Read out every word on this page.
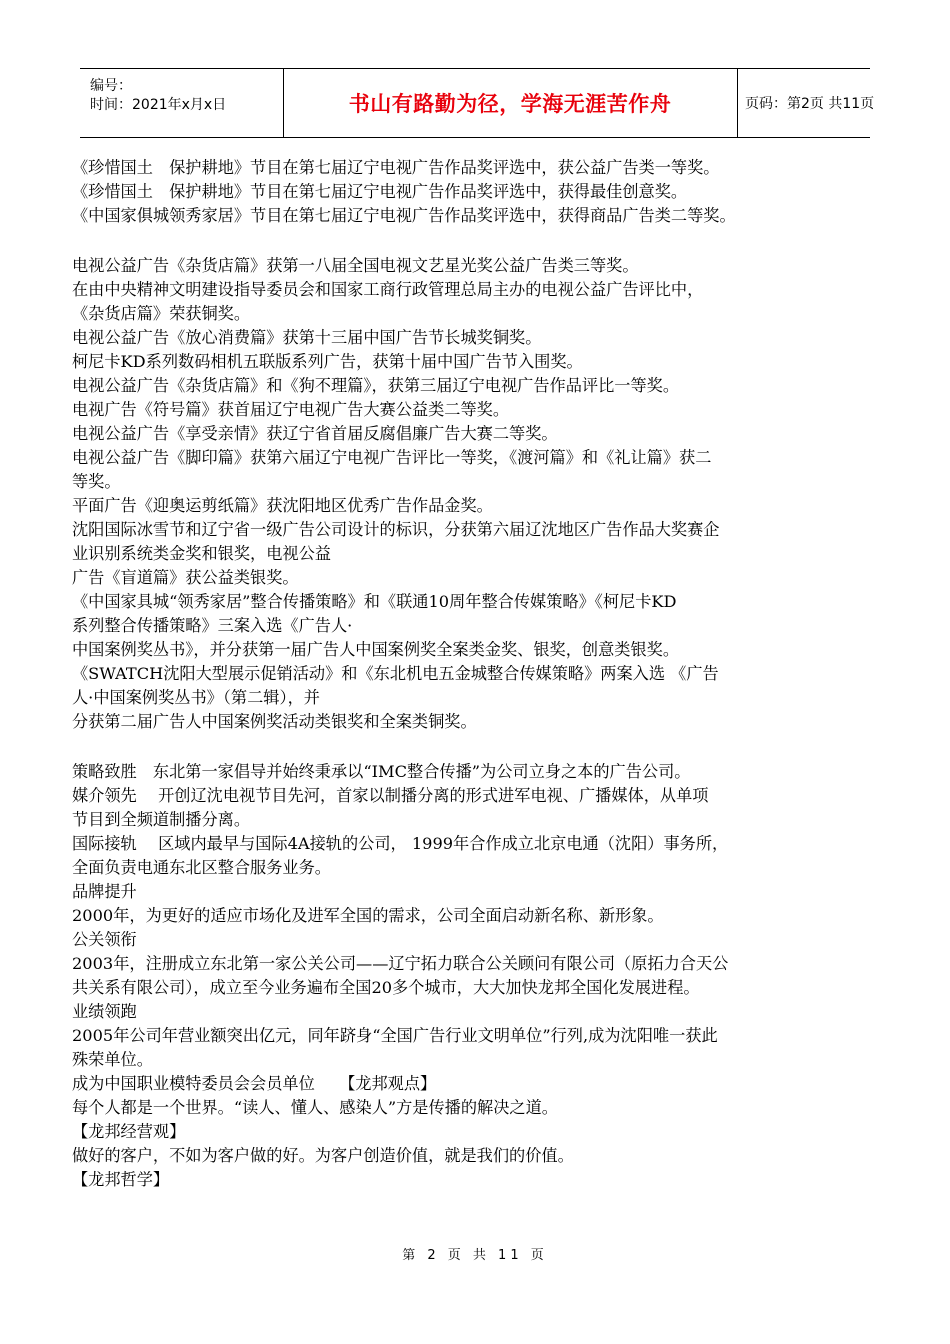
编号：
时间：2021年x月x日	书山有路勤为径，学海无涯苦作舟	页码：第2页 共11页
《珍惜国土　保护耕地》节目在第七届辽宁电视广告作品奖评选中，获公益广告类一等奖。
《珍惜国土　保护耕地》节目在第七届辽宁电视广告作品奖评选中，获得最佳创意奖。
《中国家俱城领秀家居》节目在第七届辽宁电视广告作品奖评选中，获得商品广告类二等奖。
电视公益广告《杂货店篇》获第一八届全国电视文艺星光奖公益广告类三等奖。
在由中央精神文明建设指导委员会和国家工商行政管理总局主办的电视公益广告评比中，
《杂货店篇》荣获铜奖。
电视公益广告《放心消费篇》获第十三届中国广告节长城奖铜奖。
柯尼卡KD系列数码相机五联版系列广告，获第十届中国广告节入围奖。
电视公益广告《杂货店篇》和《狗不理篇》，获第三届辽宁电视广告作品评比一等奖。
电视广告《符号篇》获首届辽宁电视广告大赛公益类二等奖。
电视公益广告《享受亲情》获辽宁省首届反腐倡廉广告大赛二等奖。
电视公益广告《脚印篇》获第六届辽宁电视广告评比一等奖，《渡河篇》和《礼让篇》获二
等奖。
平面广告《迎奥运剪纸篇》获沈阳地区优秀广告作品金奖。
沈阳国际冰雪节和辽宁省一级广告公司设计的标识，分获第六届辽沈地区广告作品大奖赛企
业识别系统类金奖和银奖，电视公益
广告《盲道篇》获公益类银奖。
《中国家具城“领秀家居”整合传播策略》和《联通10周年整合传媒策略》《柯尼卡KD
系列整合传播策略》三案入选《广告人·
中国案例奖丛书》，并分获第一届广告人中国案例奖全案类金奖、银奖，创意类银奖。
《SWATCH沈阳大型展示促销活动》和《东北机电五金城整合传媒策略》两案入选 《广告
人·中国案例奖丛书》（第二辑），并
分获第二届广告人中国案例奖活动类银奖和全案类铜奖。
策略致胜　东北第一家倡导并始终秉承以“IMC整合传播”为公司立身之本的广告公司。
媒介领先　 开创辽沈电视节目先河，首家以制播分离的形式进军电视、广播媒体，从单项
节目到全频道制播分离。
国际接轨　 区域内最早与国际4A接轨的公司， 1999年合作成立北京电通（沈阳）事务所，
全面负责电通东北区整合服务业务。
品牌提升
2000年，为更好的适应市场化及进军全国的需求，公司全面启动新名称、新形象。
公关领衔
2003年，注册成立东北第一家公关公司——辽宁拓力联合公关顾问有限公司（原拓力合天公
共关系有限公司），成立至今业务遍布全国20多个城市，大大加快龙邦全国化发展进程。
业绩领跑
2005年公司年营业额突出亿元，同年跻身“全国广告行业文明单位”行列,成为沈阳唯一获此
殊荣单位。
成为中国职业模特委员会会员单位　　【龙邦观点】
每个人都是一个世界。“读人、懂人、感染人”方是传播的解决之道。
【龙邦经营观】
做好的客户，不如为客户做的好。为客户创造价值，就是我们的价值。
【龙邦哲学】
第 2 页 共 11 页
